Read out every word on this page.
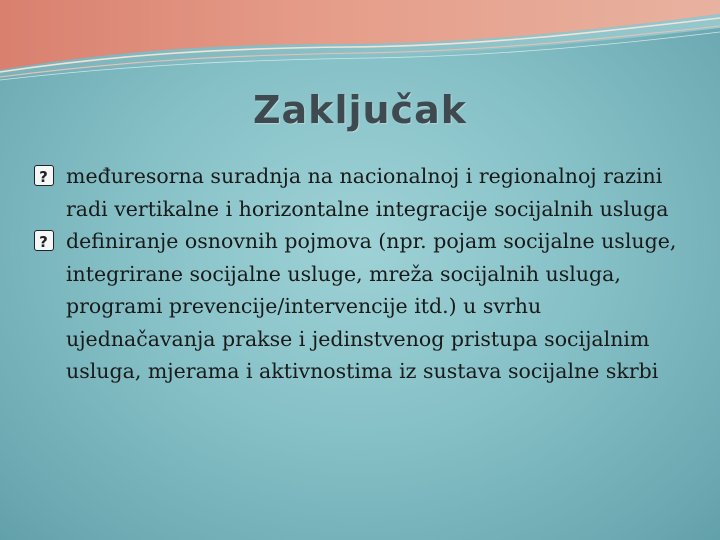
Zaključak
?
međuresorna suradnja na nacionalnoj i regionalnoj razini radi vertikalne i horizontalne integracije socijalnih usluga
?
definiranje osnovnih pojmova (npr. pojam socijalne usluge, integrirane socijalne usluge, mreža socijalnih usluga, programi prevencije/intervencije itd.) u svrhu ujednačavanja prakse i jedinstvenog pristupa socijalnim usluga, mjerama i aktivnostima iz sustava socijalne skrbi
